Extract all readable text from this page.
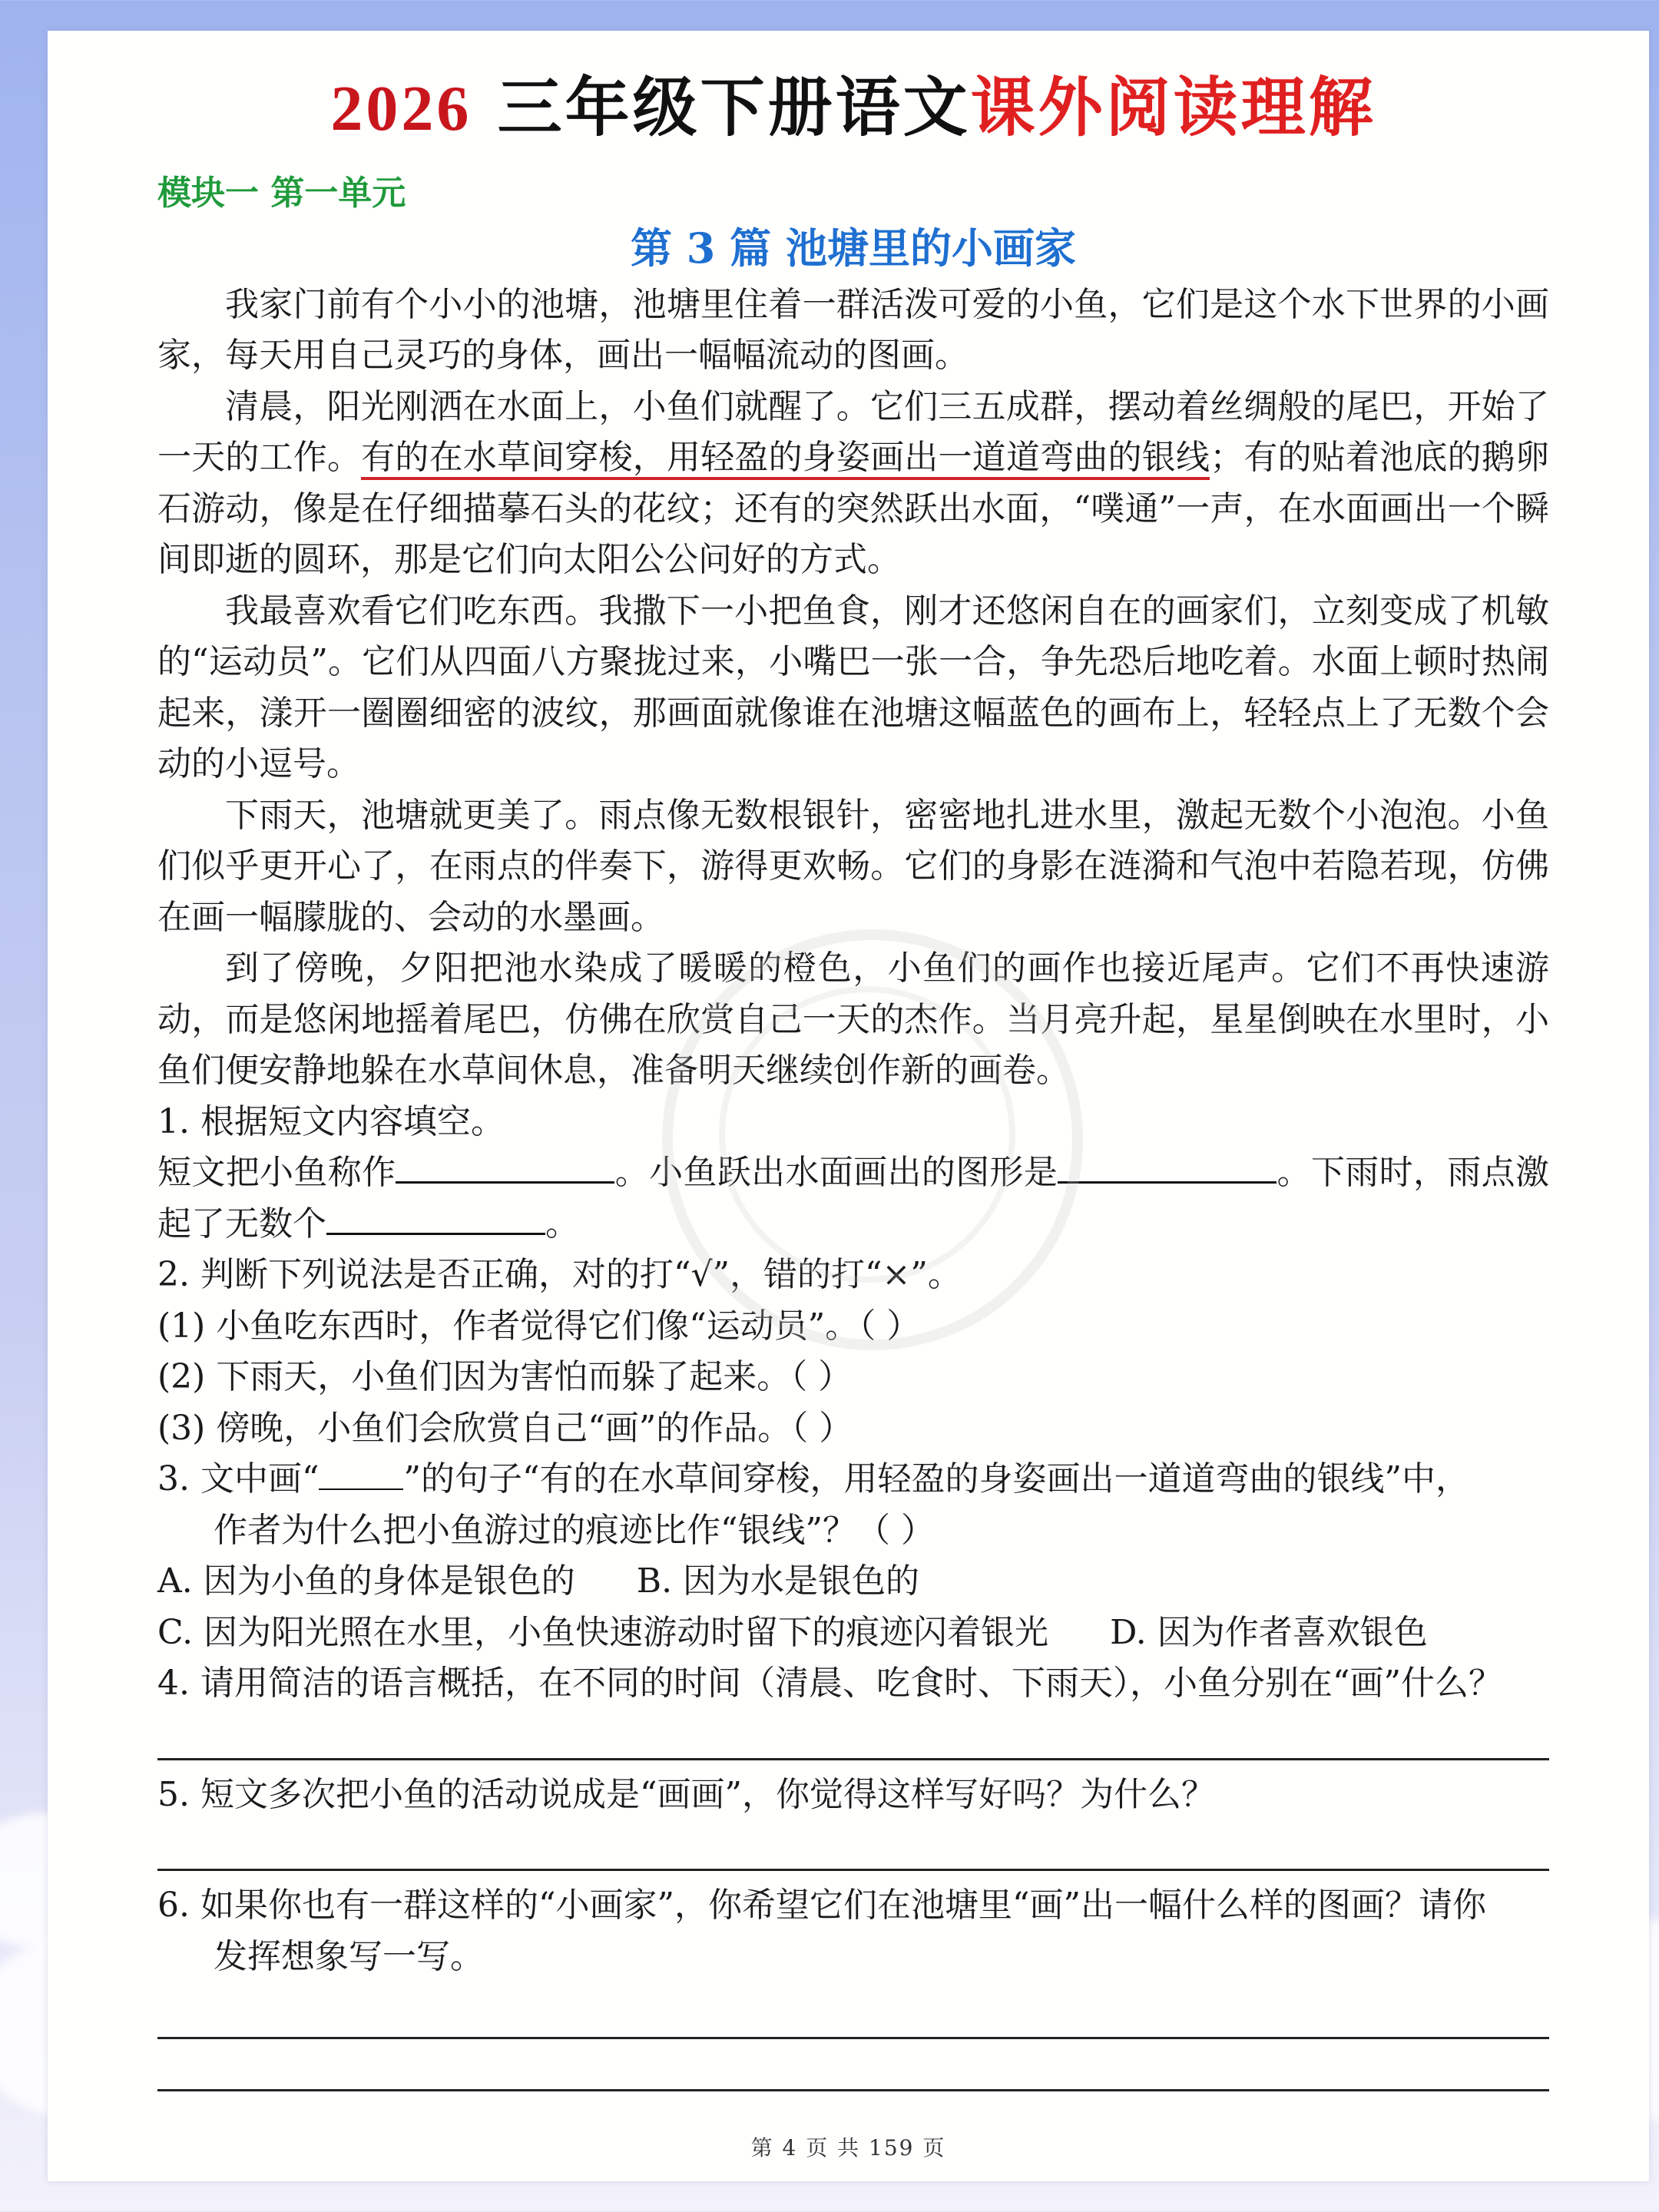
2026 三年级下册语文课外阅读理解
模块一 第一单元
第 3 篇 池塘里的小画家

我家门前有个小小的池塘，池塘里住着一群活泼可爱的小鱼，它们是这个水下世界的小画家，每天用自己灵巧的身体，画出一幅幅流动的图画。

清晨，阳光刚洒在水面上，小鱼们就醒了。它们三五成群，摆动着丝绸般的尾巴，开始了一天的工作。有的在水草间穿梭，用轻盈的身姿画出一道道弯曲的银线；有的贴着池底的鹅卵石游动，像是在仔细描摹石头的花纹；还有的突然跃出水面，“噗通”一声，在水面画出一个瞬间即逝的圆环，那是它们向太阳公公问好的方式。

我最喜欢看它们吃东西。我撒下一小把鱼食，刚才还悠闲自在的画家们，立刻变成了机敏的“运动员”。它们从四面八方聚拢过来，小嘴巴一张一合，争先恐后地吃着。水面上顿时热闹起来，漾开一圈圈细密的波纹，那画面就像谁在池塘这幅蓝色的画布上，轻轻点上了无数个会动的小逗号。

下雨天，池塘就更美了。雨点像无数根银针，密密地扎进水里，激起无数个小泡泡。小鱼们似乎更开心了，在雨点的伴奏下，游得更欢畅。它们的身影在涟漪和气泡中若隐若现，仿佛在画一幅朦胧的、会动的水墨画。

到了傍晚，夕阳把池水染成了暖暖的橙色，小鱼们的画作也接近尾声。它们不再快速游动，而是悠闲地摇着尾巴，仿佛在欣赏自己一天的杰作。当月亮升起，星星倒映在水里时，小鱼们便安静地躲在水草间休息，准备明天继续创作新的画卷。

1. 根据短文内容填空。

短文把小鱼称作	。小鱼跃出水面画出的图形是	。下雨时，雨点激起了无数个	。

2. 判断下列说法是否正确，对的打“√”，错的打“×”。

(1) 小鱼吃东西时，作者觉得它们像“运动员”。（ ）

(2) 下雨天，小鱼们因为害怕而躲了起来。（ ）

(3) 傍晚，小鱼们会欣赏自己“画”的作品。（ ）

3. 文中画“	”的句子“有的在水草间穿梭，用轻盈的身姿画出一道道弯曲的银线”中，

作者为什么把小鱼游过的痕迹比作“银线”？（ ）

A. 因为小鱼的身体是银色的 B. 因为水是银色的

C. 因为阳光照在水里，小鱼快速游动时留下的痕迹闪着银光 D. 因为作者喜欢银色

4. 请用简洁的语言概括，在不同的时间（清晨、吃食时、下雨天），小鱼分别在“画”什么？

5. 短文多次把小鱼的活动说成是“画画”，你觉得这样写好吗？为什么？

6. 如果你也有一群这样的“小画家”，你希望它们在池塘里“画”出一幅什么样的图画？请你

发挥想象写一写。

第 4 页 共 159 页
